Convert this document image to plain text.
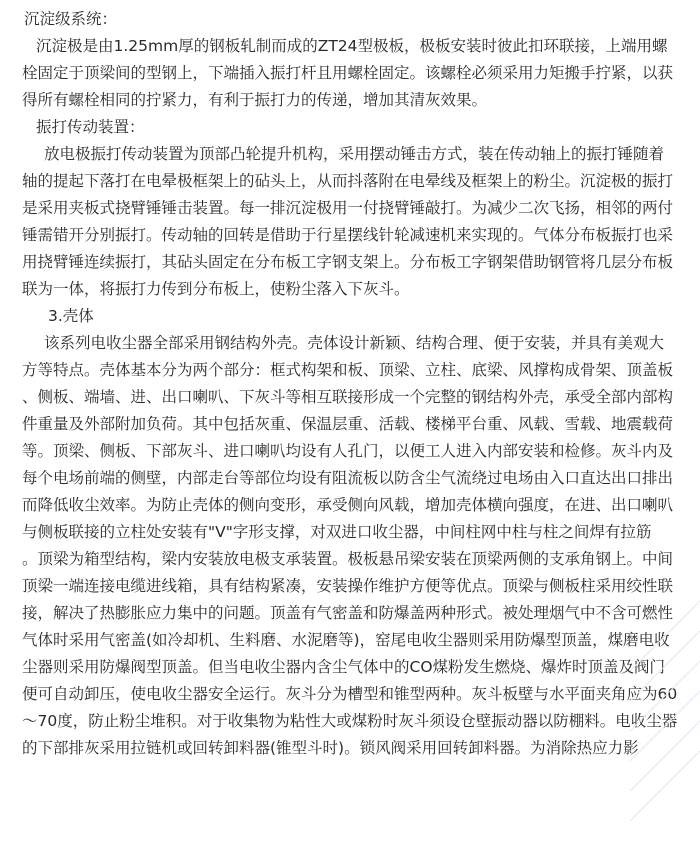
沉淀级系统：
沉淀极是由1.25mm厚的钢板轧制而成的ZT24型极板，极板安装时彼此扣环联接，上端用螺
栓固定于顶梁间的型钢上，下端插入振打杆且用螺栓固定。该螺栓必须采用力矩搬手拧紧，以获
得所有螺栓相同的拧紧力，有利于振打力的传递，增加其清灰效果。
振打传动装置：
放电极振打传动装置为顶部凸轮提升机构，采用摆动锤击方式，装在传动轴上的振打锤随着
轴的提起下落打在电晕极框架上的砧头上，从而抖落附在电晕线及框架上的粉尘。沉淀极的振打
是采用夹板式挠臂锤锤击装置。每一排沉淀极用一付挠臂锤敲打。为减少二次飞扬，相邻的两付
锤需错开分别振打。传动轴的回转是借助于行星摆线针轮减速机来实现的。气体分布板振打也采
用挠臂锤连续振打，其砧头固定在分布板工字钢支架上。分布板工字钢架借助钢管将几层分布板
联为一体，将振打力传到分布板上，使粉尘落入下灰斗。
3.壳体
该系列电收尘器全部采用钢结构外壳。壳体设计新颖、结构合理、便于安装，并具有美观大
方等特点。壳体基本分为两个部分：框式构架和板、顶梁、立柱、底梁、风撑构成骨架、顶盖板
、侧板、端墙、进、出口喇叭、下灰斗等相互联接形成一个完整的钢结构外壳，承受全部内部构
件重量及外部附加负荷。其中包括灰重、保温层重、活载、楼梯平台重、风载、雪载、地震载荷
等。顶梁、侧板、下部灰斗、进口喇叭均设有人孔门，以便工人进入内部安装和检修。灰斗内及
每个电场前端的侧壁，内部走台等部位均设有阻流板以防含尘气流绕过电场由入口直达出口排出
而降低收尘效率。为防止壳体的侧向变形，承受侧向风载，增加壳体横向强度，在进、出口喇叭
与侧板联接的立柱处安装有"V"字形支撑，对双进口收尘器，中间柱网中柱与柱之间焊有拉筋
。顶梁为箱型结构，梁内安装放电极支承装置。极板悬吊梁安装在顶梁两侧的支承角钢上。中间
顶梁一端连接电缆进线箱，具有结构紧凑，安装操作维护方便等优点。顶梁与侧板柱采用绞性联
接，解决了热膨胀应力集中的问题。顶盖有气密盖和防爆盖两种形式。被处理烟气中不含可燃性
气体时采用气密盖(如冷却机、生料磨、水泥磨等)，窑尾电收尘器则采用防爆型顶盖，煤磨电收
尘器则采用防爆阀型顶盖。但当电收尘器内含尘气体中的CO煤粉发生燃烧、爆炸时顶盖及阀门
便可自动卸压，使电收尘器安全运行。灰斗分为槽型和锥型两种。灰斗板壁与水平面夹角应为60
～70度，防止粉尘堆积。对于收集物为粘性大或煤粉时灰斗须设仓壁振动器以防棚料。电收尘器
的下部排灰采用拉链机或回转卸料器(锥型斗时)。锁风阀采用回转卸料器。为消除热应力影
